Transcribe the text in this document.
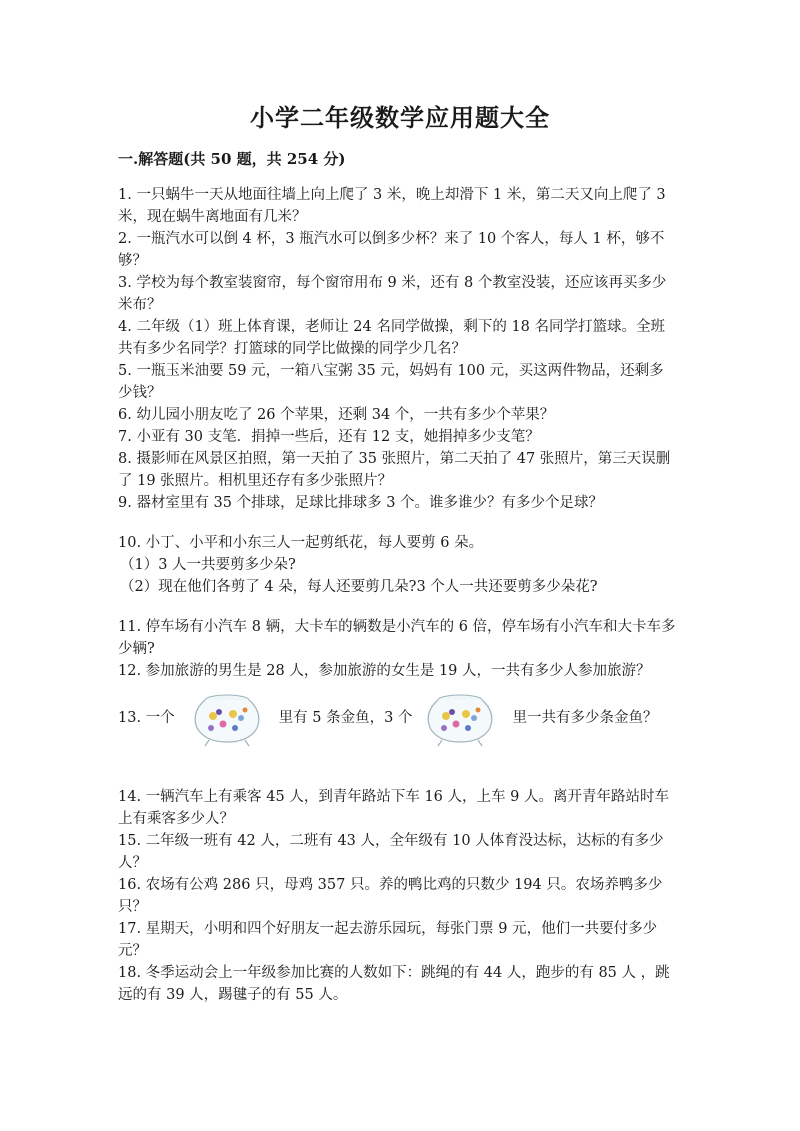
小学二年级数学应用题大全
一.解答题(共 50 题，共 254 分)

1. 一只蜗牛一天从地面往墙上向上爬了 3 米，晚上却滑下 1 米，第二天又向上爬了 3 米，现在蜗牛离地面有几米？

2. 一瓶汽水可以倒 4 杯，3 瓶汽水可以倒多少杯？来了 10 个客人，每人 1 杯，够不够？

3. 学校为每个教室装窗帘，每个窗帘用布 9 米，还有 8 个教室没装，还应该再买多少米布？

4. 二年级（1）班上体育课，老师让 24 名同学做操，剩下的 18 名同学打篮球。全班共有多少名同学？打篮球的同学比做操的同学少几名？

5. 一瓶玉米油要 59 元，一箱八宝粥 35 元，妈妈有 100 元，买这两件物品，还剩多少钱？

6. 幼儿园小朋友吃了 26 个苹果，还剩 34 个，一共有多少个苹果？

7. 小亚有 30 支笔．捐掉一些后，还有 12 支，她捐掉多少支笔？

8. 摄影师在风景区拍照，第一天拍了 35 张照片，第二天拍了 47 张照片，第三天误删了 19 张照片。相机里还存有多少张照片？

9. 器材室里有 35 个排球，足球比排球多 3 个。谁多谁少？有多少个足球？

10. 小丁、小平和小东三人一起剪纸花，每人要剪 6 朵。

（1）3 人一共要剪多少朵?

（2）现在他们各剪了 4 朵，每人还要剪几朵?3 个人一共还要剪多少朵花?

11. 停车场有小汽车 8 辆，大卡车的辆数是小汽车的 6 倍，停车场有小汽车和大卡车多少辆?

12. 参加旅游的男生是 28 人，参加旅游的女生是 19 人，一共有多少人参加旅游？

13. 一个	里有 5 条金鱼，3 个	里一共有多少条金鱼？

14. 一辆汽车上有乘客 45 人，到青年路站下车 16 人，上车 9 人。离开青年路站时车上有乘客多少人？

15. 二年级一班有 42 人，二班有 43 人，全年级有 10 人体育没达标，达标的有多少人？

16. 农场有公鸡 286 只，母鸡 357 只。养的鸭比鸡的只数少 194 只。农场养鸭多少只？

17. 星期天，小明和四个好朋友一起去游乐园玩，每张门票 9 元，他们一共要付多少元？

18. 冬季运动会上一年级参加比赛的人数如下：跳绳的有 44 人，跑步的有 85 人 ，跳远的有 39 人，踢毽子的有 55 人。
